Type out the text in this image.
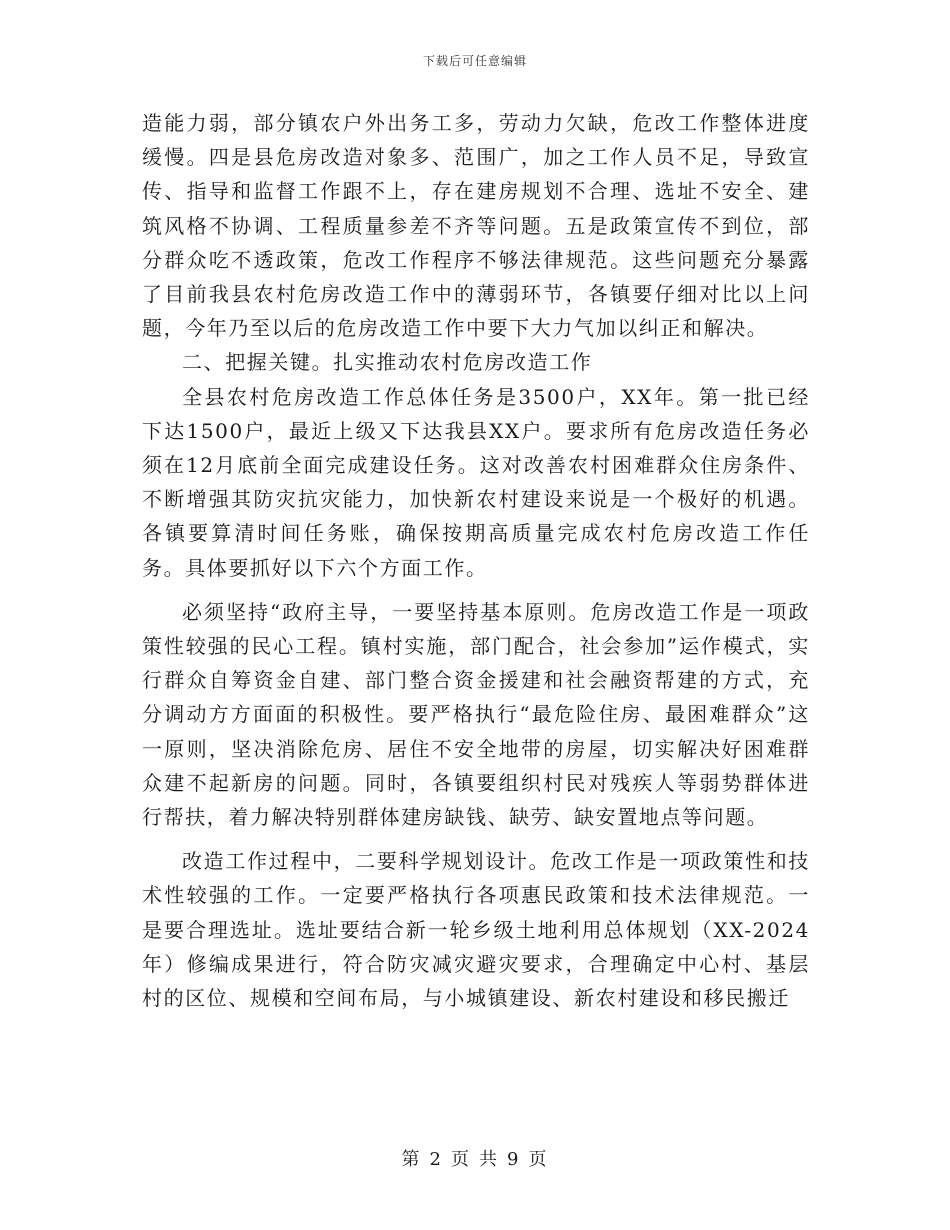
下载后可任意编辑

造能力弱，部分镇农户外出务工多，劳动力欠缺，危改工作整体进度缓慢。四是县危房改造对象多、范围广，加之工作人员不足，导致宣传、指导和监督工作跟不上，存在建房规划不合理、选址不安全、建筑风格不协调、工程质量参差不齐等问题。五是政策宣传不到位，部分群众吃不透政策，危改工作程序不够法律规范。这些问题充分暴露了目前我县农村危房改造工作中的薄弱环节，各镇要仔细对比以上问题，今年乃至以后的危房改造工作中要下大力气加以纠正和解决。

二、把握关键。扎实推动农村危房改造工作

全县农村危房改造工作总体任务是3500户，XX年。第一批已经下达1500户，最近上级又下达我县XX户。要求所有危房改造任务必须在12月底前全面完成建设任务。这对改善农村困难群众住房条件、不断增强其防灾抗灾能力，加快新农村建设来说是一个极好的机遇。各镇要算清时间任务账，确保按期高质量完成农村危房改造工作任务。具体要抓好以下六个方面工作。

必须坚持“政府主导，一要坚持基本原则。危房改造工作是一项政策性较强的民心工程。镇村实施，部门配合，社会参加”运作模式，实行群众自筹资金自建、部门整合资金援建和社会融资帮建的方式，充分调动方方面面的积极性。要严格执行“最危险住房、最困难群众”这一原则，坚决消除危房、居住不安全地带的房屋，切实解决好困难群众建不起新房的问题。同时，各镇要组织村民对残疾人等弱势群体进行帮扶，着力解决特别群体建房缺钱、缺劳、缺安置地点等问题。

改造工作过程中，二要科学规划设计。危改工作是一项政策性和技术性较强的工作。一定要严格执行各项惠民政策和技术法律规范。一是要合理选址。选址要结合新一轮乡级土地利用总体规划（XX-2024年）修编成果进行，符合防灾减灾避灾要求，合理确定中心村、基层村的区位、规模和空间布局，与小城镇建设、新农村建设和移民搬迁

第 2 页 共 9 页
